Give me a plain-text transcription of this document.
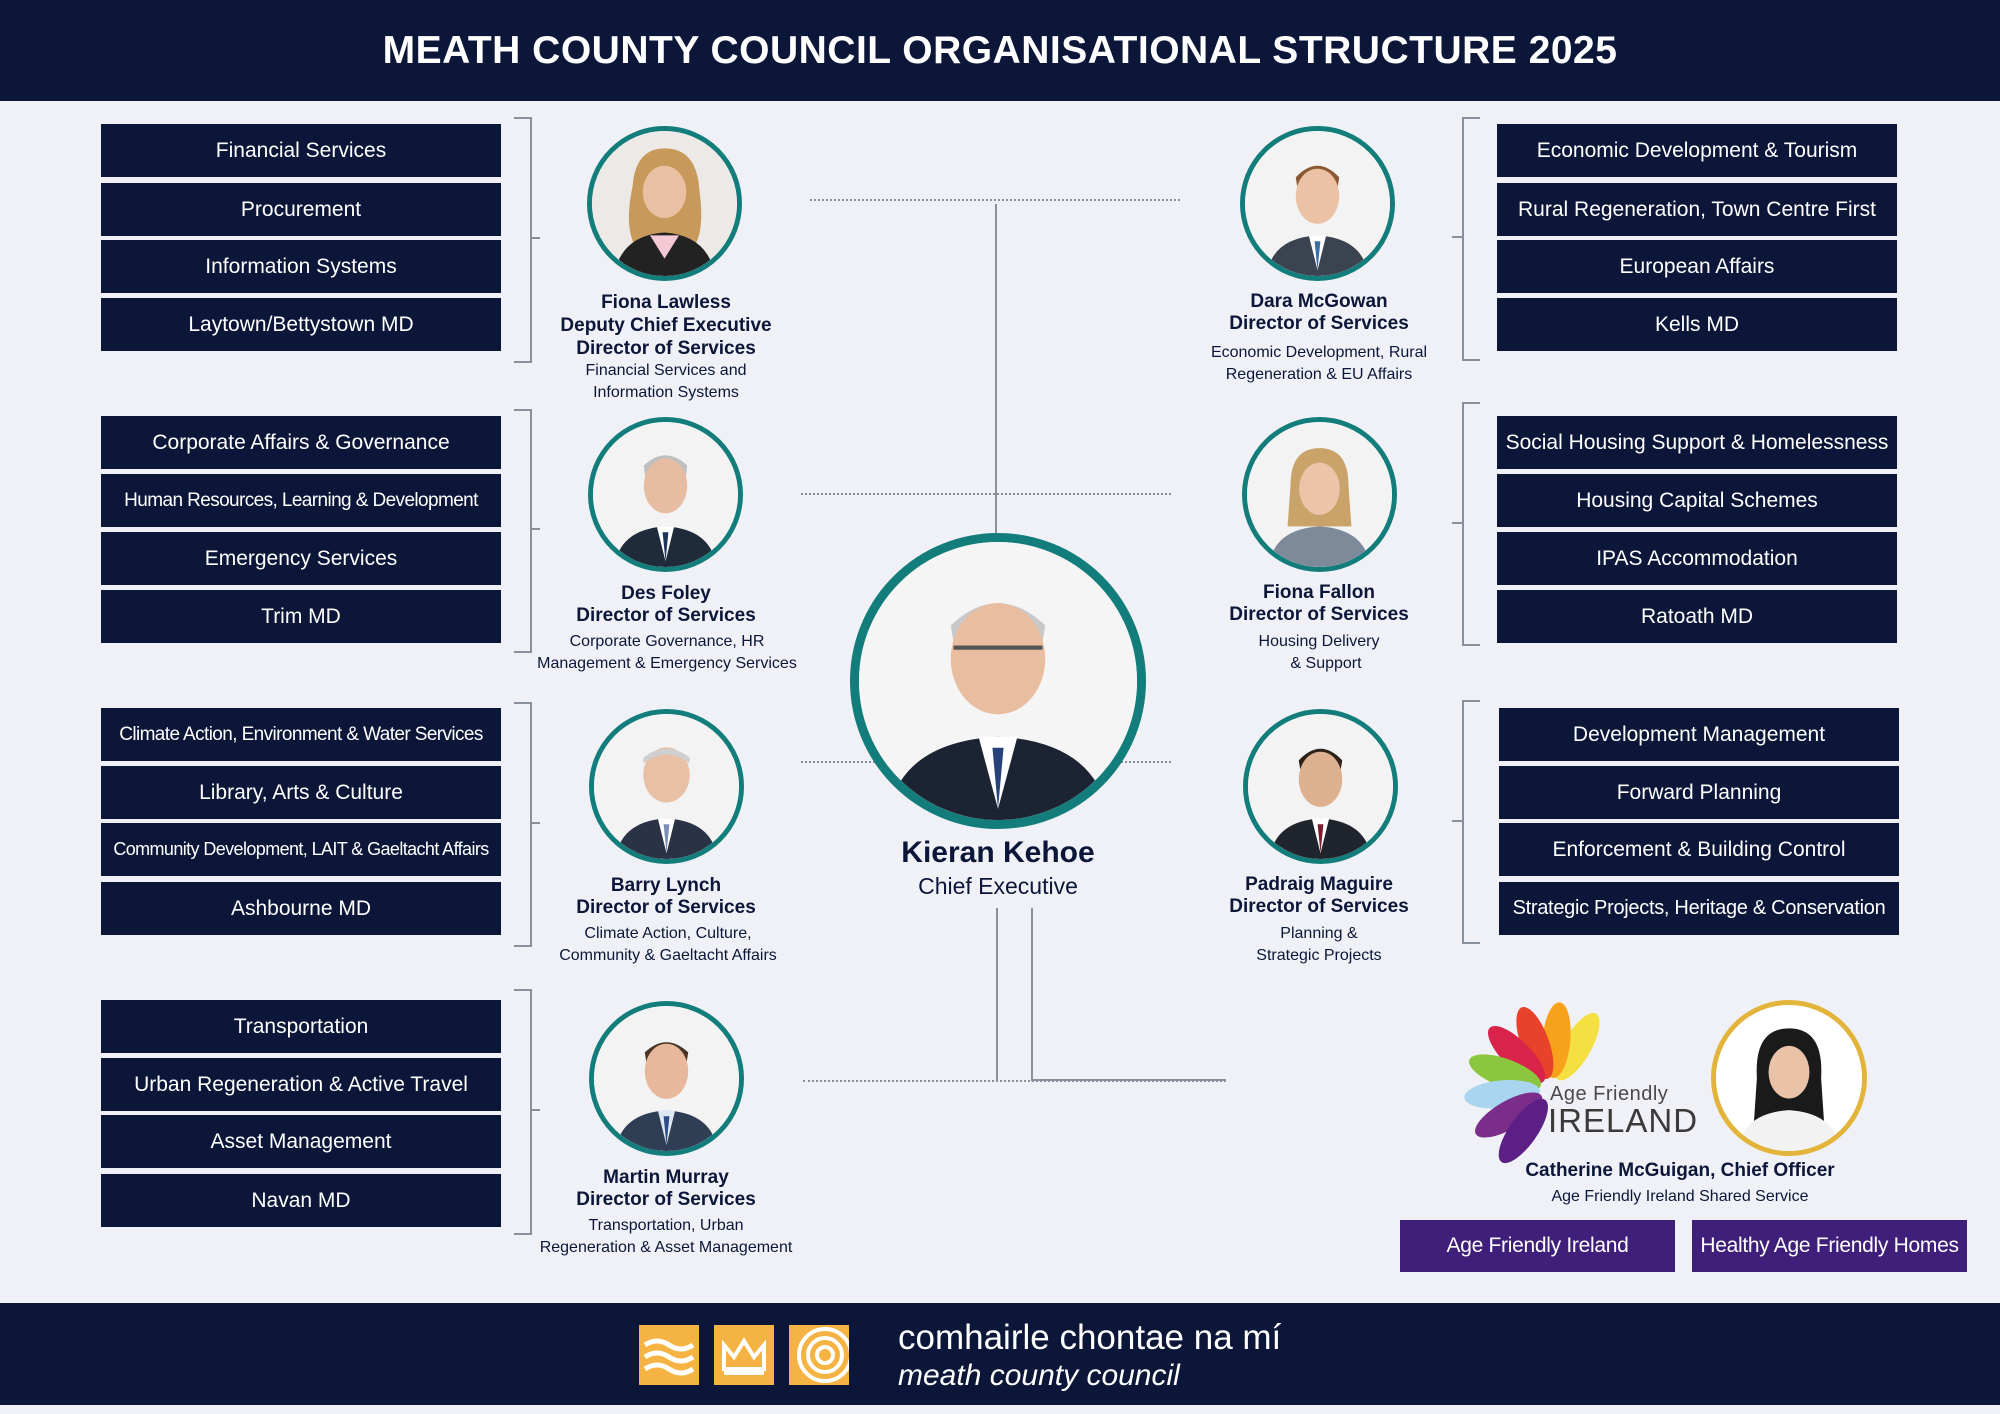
MEATH COUNTY COUNCIL ORGANISATIONAL STRUCTURE 2025
Financial Services
Procurement
Information Systems
Laytown/Bettystown MD
Corporate Affairs & Governance
Human Resources, Learning & Development
Emergency Services
Trim MD
Climate Action, Environment & Water Services
Library, Arts & Culture
Community Development, LAIT & Gaeltacht Affairs
Ashbourne MD
Transportation
Urban Regeneration & Active Travel
Asset Management
Navan MD
Economic Development & Tourism
Rural Regeneration, Town Centre First
European Affairs
Kells MD
Social Housing Support & Homelessness
Housing Capital Schemes
IPAS Accommodation
Ratoath MD
Development Management
Forward Planning
Enforcement & Building Control
Strategic Projects, Heritage & Conservation
Fiona Lawless
Deputy Chief Executive
Director of Services
Financial Services and
Information Systems
Des Foley
Director of Services
Corporate Governance, HR
Management & Emergency Services
Barry Lynch
Director of Services
Climate Action, Culture,
Community & Gaeltacht Affairs
Martin Murray
Director of Services
Transportation, Urban
Regeneration & Asset Management
Dara McGowan
Director of Services
Economic Development, Rural
Regeneration & EU Affairs
Fiona Fallon
Director of Services
Housing Delivery
& Support
Padraig Maguire
Director of Services
Planning &
Strategic Projects
Kieran Kehoe
Chief Executive
Age Friendly
IRELAND
Catherine McGuigan, Chief Officer
Age Friendly Ireland Shared Service
Age Friendly Ireland	Healthy Age Friendly Homes
comhairle chontae na mí
meath county council
